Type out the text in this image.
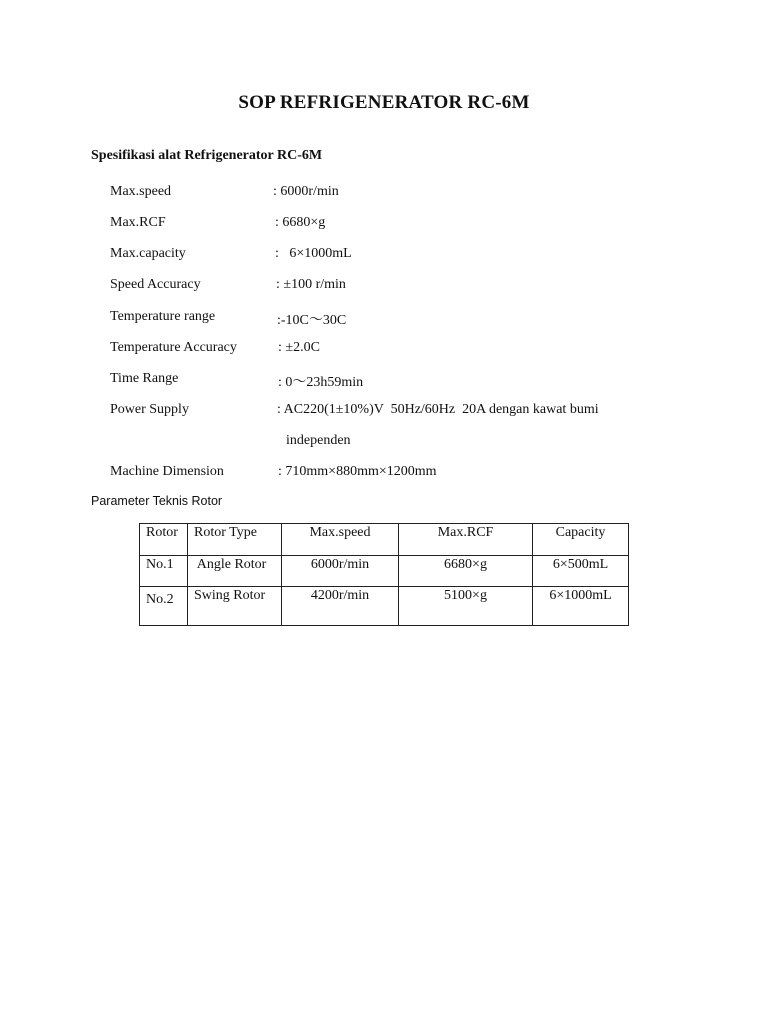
SOP REFRIGENERATOR RC-6M
Spesifikasi alat Refrigenerator RC-6M
Max.speed	: 6000r/min
Max.RCF	: 6680×g
Max.capacity	:   6×1000mL
Speed Accuracy	: ±100 r/min
Temperature range	:-10C～30C
Temperature Accuracy	: ±2.0C
Time Range	: 0～23h59min
Power Supply	: AC220(1±10%)V  50Hz/60Hz  20A dengan kawat bumi
independen
Machine Dimension	: 710mm×880mm×1200mm
Parameter Teknis Rotor
Rotor	Rotor Type	Max.speed	Max.RCF	Capacity

No.1	Angle Rotor	6000r/min	6680×g	6×500mL

No.2	Swing Rotor	4200r/min	5100×g	6×1000mL
